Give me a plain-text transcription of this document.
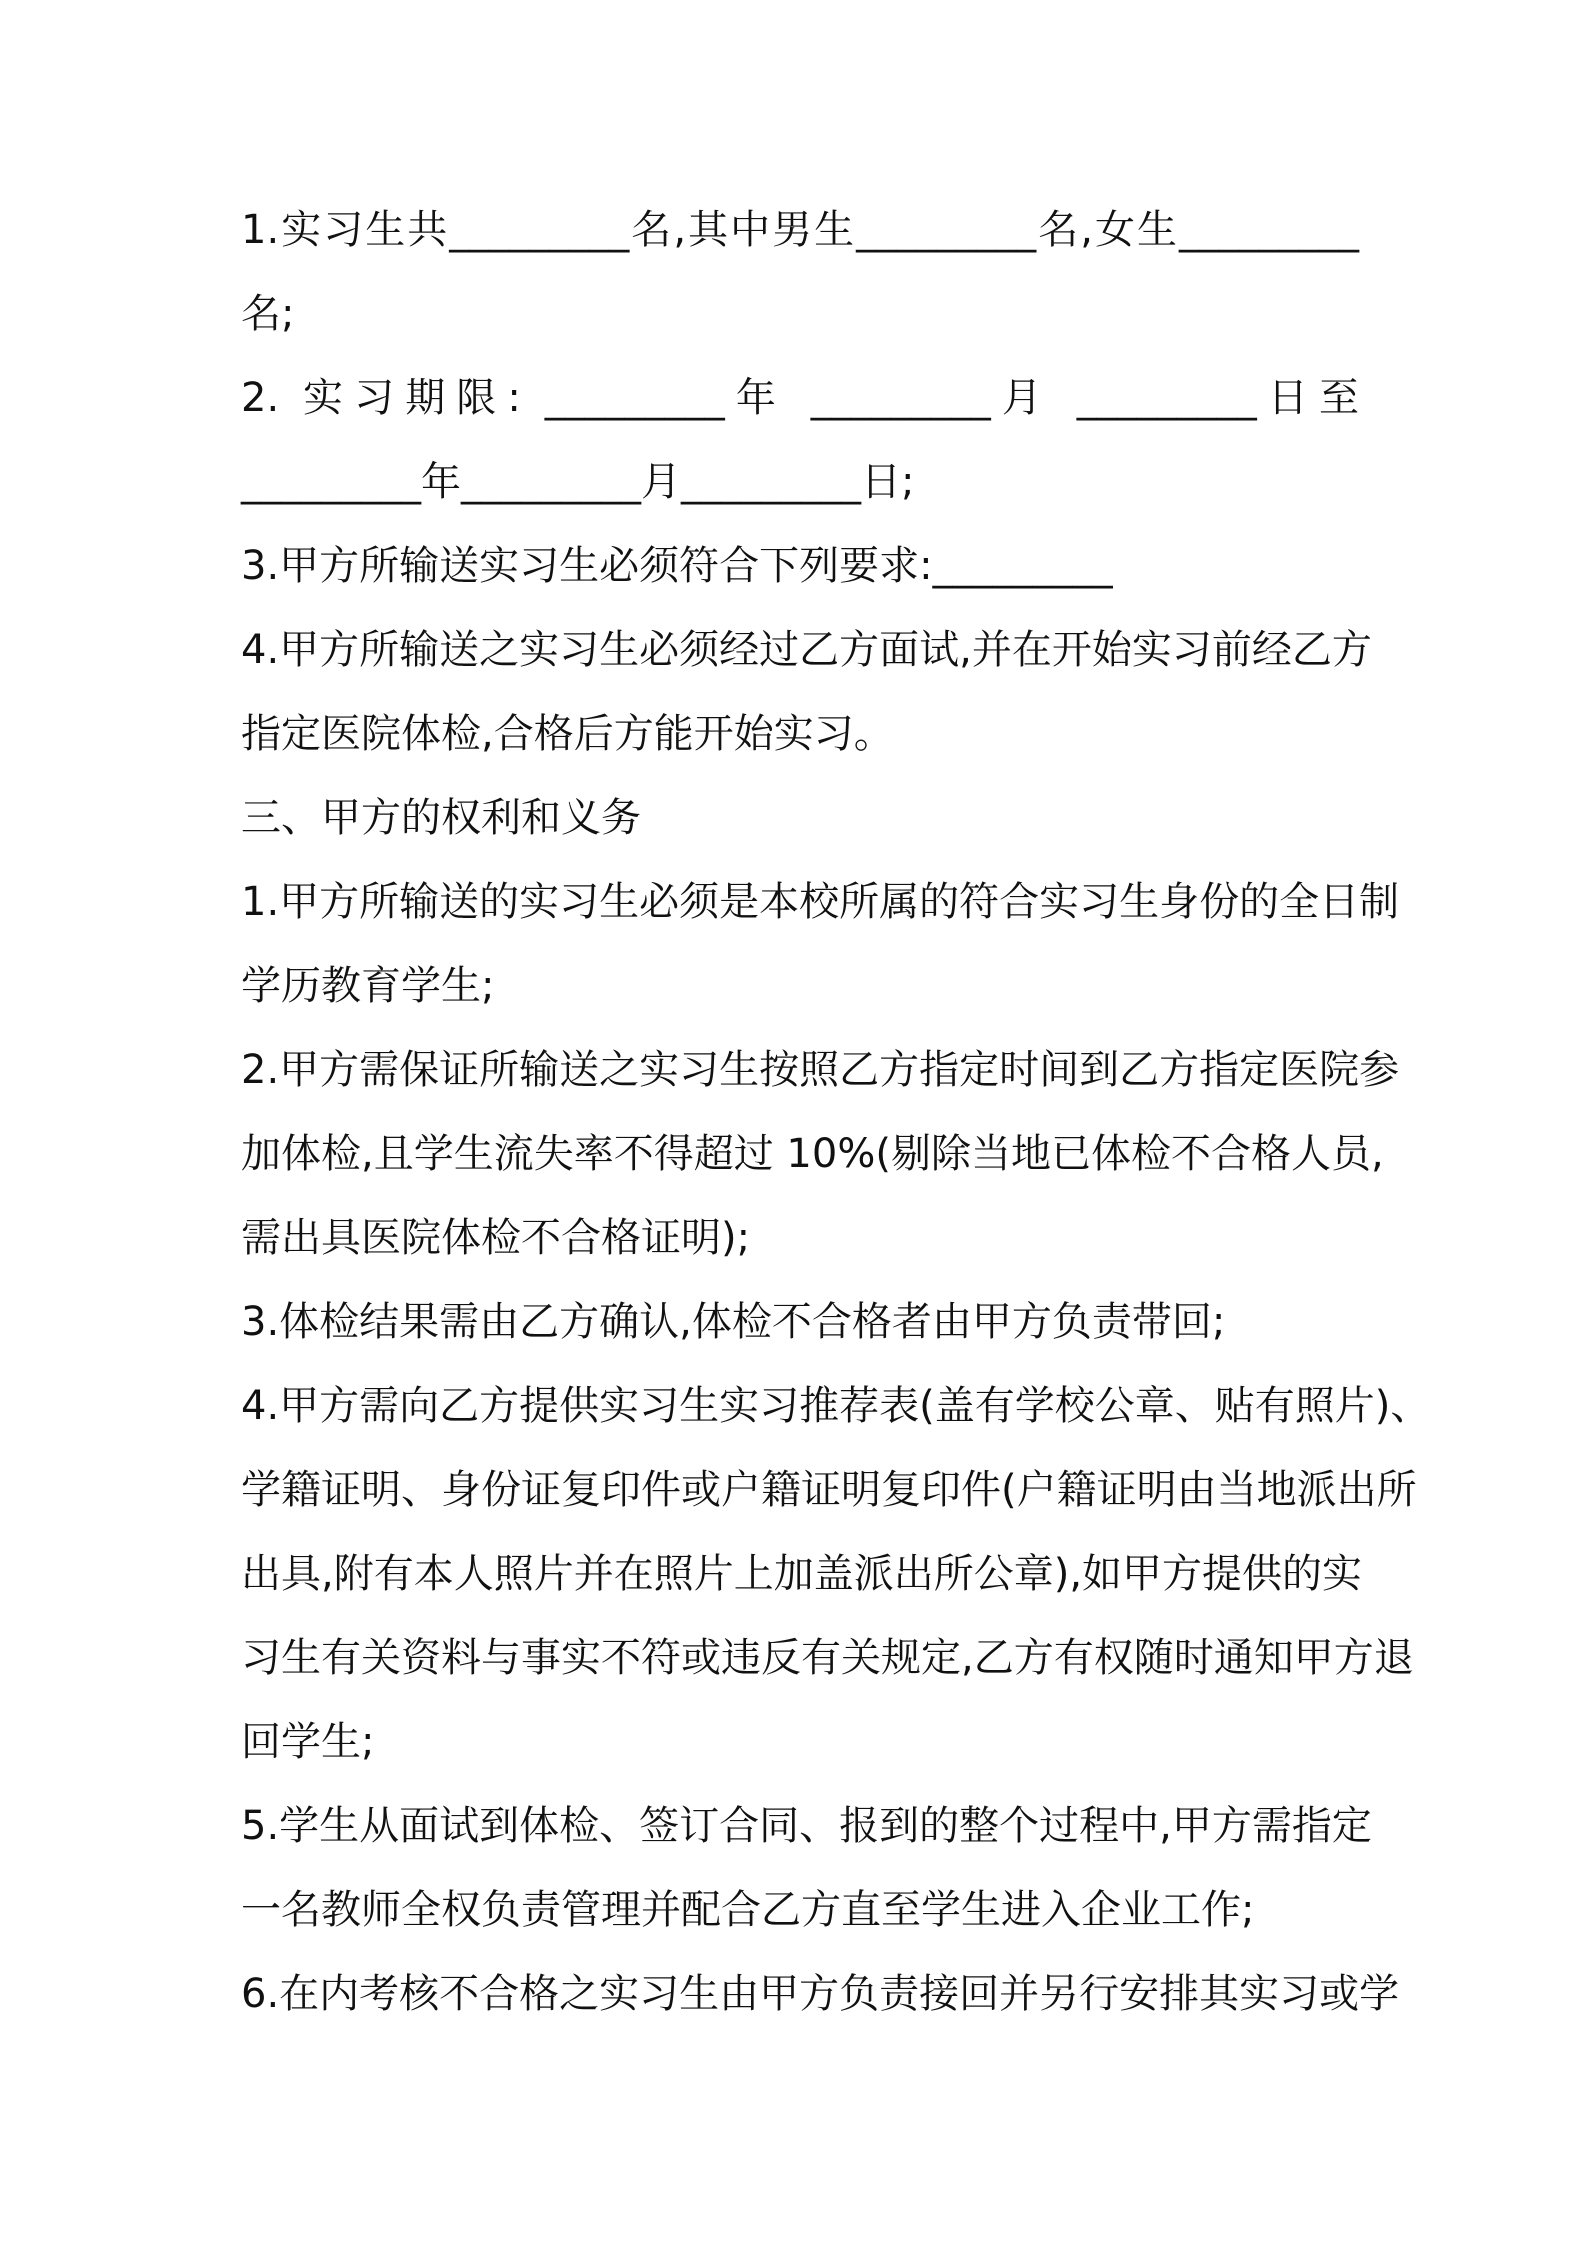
1.实习生共_________名,其中男生_________名,女生_________
名;
2. 实习期限: _________年 _________月 _________日至
_________年_________月_________日;
3.甲方所输送实习生必须符合下列要求:_________
4.甲方所输送之实习生必须经过乙方面试,并在开始实习前经乙方
指定医院体检,合格后方能开始实习。
三、甲方的权利和义务
1.甲方所输送的实习生必须是本校所属的符合实习生身份的全日制
学历教育学生;
2.甲方需保证所输送之实习生按照乙方指定时间到乙方指定医院参
加体检,且学生流失率不得超过 10%(剔除当地已体检不合格人员,
需出具医院体检不合格证明);
3.体检结果需由乙方确认,体检不合格者由甲方负责带回;
4.甲方需向乙方提供实习生实习推荐表(盖有学校公章、贴有照片)、
学籍证明、身份证复印件或户籍证明复印件(户籍证明由当地派出所
出具,附有本人照片并在照片上加盖派出所公章),如甲方提供的实
习生有关资料与事实不符或违反有关规定,乙方有权随时通知甲方退
回学生;
5.学生从面试到体检、签订合同、报到的整个过程中,甲方需指定
一名教师全权负责管理并配合乙方直至学生进入企业工作;
6.在内考核不合格之实习生由甲方负责接回并另行安排其实习或学
